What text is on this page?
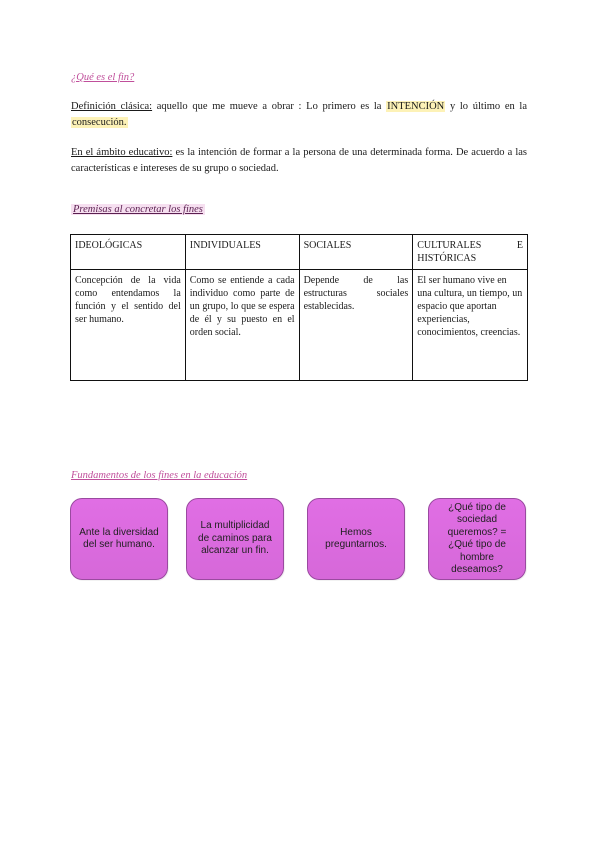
¿Qué es el fin?

Definición clásica: aquello que me mueve a obrar : Lo primero es la INTENCIÓN y lo último en la consecución.

En el ámbito educativo: es la intención de formar a la persona de una determinada forma. De acuerdo a las características e intereses de su grupo o sociedad.

Premisas al concretar los fines
IDEOLÓGICAS	INDIVIDUALES	SOCIALES	CULTURALES E HISTÓRICAS
Concepción de la vida como entendamos la función y el sentido del ser humano.	Como se entiende a cada individuo como parte de un grupo, lo que se espera de él y su puesto en el orden social.	Depende de las estructuras sociales establecidas.	El ser humano vive en una cultura, un tiempo, un espacio que aportan experiencias, conocimientos, creencias.
Fundamentos de los fines en la educación
Ante la diversidad del ser humano.
La multiplicidad de caminos para alcanzar un fin.
Hemos preguntarnos.
¿Qué tipo de sociedad queremos? = ¿Qué tipo de hombre deseamos?
